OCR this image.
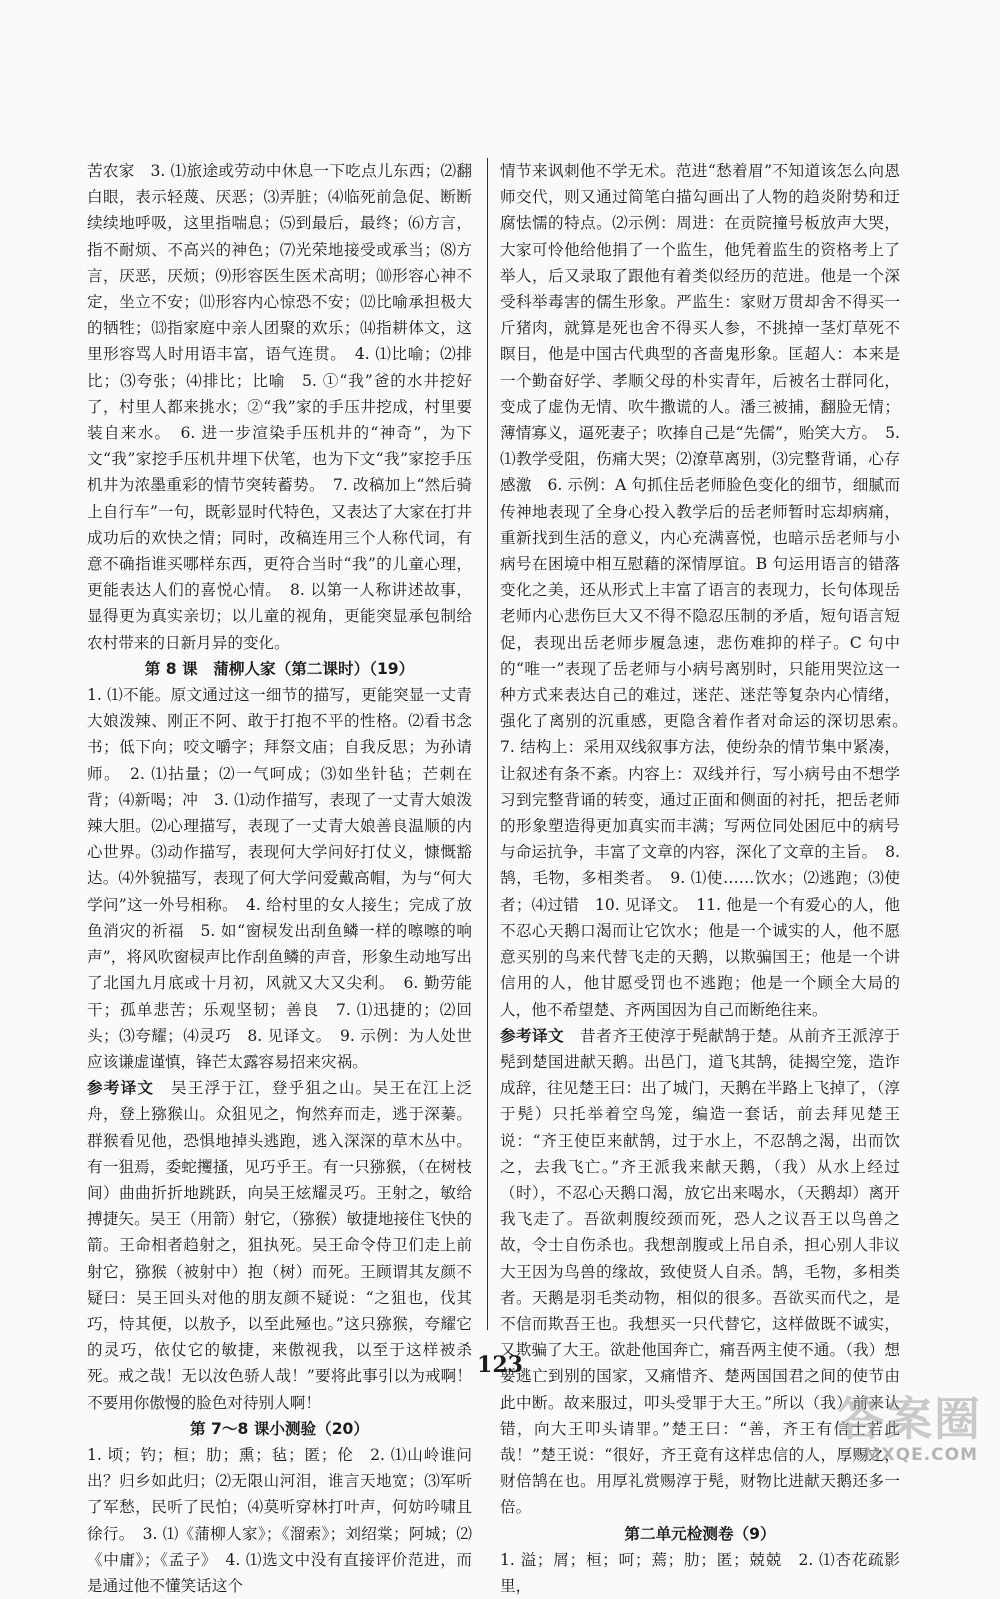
苦农家　3. ⑴旅途或劳动中休息一下吃点儿东西；⑵翻白眼，表示轻蔑、厌恶；⑶弄脏；⑷临死前急促、断断续续地呼吸，这里指喘息；⑸到最后，最终；⑹方言，指不耐烦、不高兴的神色；⑺光荣地接受或承当；⑻方言，厌恶，厌烦；⑼形容医生医术高明；⑽形容心神不定，坐立不安；⑾形容内心惊恐不安；⑿比喻承担极大的牺牲；⒀指家庭中亲人团聚的欢乐；⒁指耕体文，这里形容骂人时用语丰富，语气连贯。　4. ⑴比喻；⑵排比；⑶夸张；⑷排比；比喻　5. ①“我”爸的水井挖好了，村里人都来挑水；②“我”家的手压井挖成，村里要装自来水。　6. 进一步渲染手压机井的“神奇”，为下文“我”家挖手压机井埋下伏笔，也为下文“我”家挖手压机井为浓墨重彩的情节突转蓄势。　7. 改稿加上“然后骑上自行车”一句，既彰显时代特色，又表达了大家在打井成功后的欢快之情；同时，改稿连用三个人称代词，有意不确指谁买哪样东西，更符合当时“我”的儿童心理，更能表达人们的喜悦心情。　8. 以第一人称讲述故事，显得更为真实亲切；以儿童的视角，更能突显承包制给农村带来的日新月异的变化。

第 8 课　蒲柳人家（第二课时）（19）

1. ⑴不能。原文通过这一细节的描写，更能突显一丈青大娘泼辣、刚正不阿、敢于打抱不平的性格。⑵看书念书；低下向；咬文嚼字；拜祭文庙；自我反思；为孙请师。　2. ⑴拈量；⑵一气呵成；⑶如坐针毡；芒刺在背；⑷新喝；冲　3. ⑴动作描写，表现了一丈青大娘泼辣大胆。⑵心理描写，表现了一丈青大娘善良温顺的内心世界。⑶动作描写，表现何大学问好打仗义，慷慨豁达。⑷外貌描写，表现了何大学问爱戴高帽，为与“何大学问”这一外号相称。　4. 给村里的女人接生；完成了放鱼消灾的祈福　5. 如“窗棂发出刮鱼鳞一样的嚓嚓的响声”，将风吹窗棂声比作刮鱼鳞的声音，形象生动地写出了北国九月底或十月初，风就又大又尖利。　6. 勤劳能干；孤单悲苦；乐观坚韧；善良　7. ⑴迅捷的；⑵回头；⑶夸耀；⑷灵巧　8. 见译文。　9. 示例：为人处世应该谦虚谨慎，锋芒太露容易招来灾祸。

参考译文　 吴王浮于江，登乎狙之山。吴王在江上泛舟，登上猕猴山。众狙见之，恂然弃而走，逃于深蓁。群猴看见他，恐惧地掉头逃跑，逃入深深的草木丛中。有一狙焉，委蛇攫搔，见巧乎王。有一只猕猴，（在树枝间）曲曲折折地跳跃，向吴王炫耀灵巧。王射之，敏给搏捷矢。吴王（用箭）射它，（猕猴）敏捷地接住飞快的箭。王命相者趋射之，狙执死。吴王命令侍卫们走上前射它，猕猴（被射中）抱（树）而死。王顾谓其友颜不疑曰：吴王回头对他的朋友颜不疑说：“之狙也，伐其巧，恃其便，以敖予，以至此殛也。”这只猕猴，夸耀它的灵巧，依仗它的敏捷，来傲视我，以至于这样被杀死。戒之哉！无以汝色骄人哉！”要将此事引以为戒啊！不要用你傲慢的脸色对待别人啊！

第 7～8 课小测验（20）

1. 顷；钓；桓；肋；熏；毡；匿；伦　2. ⑴山岭谁问出？归乡如此归；⑵无限山河泪，谁言天地宽；⑶军听了军愁，民听了民怕；⑷莫听穿林打叶声，何妨吟啸且徐行。　3. ⑴《蒲柳人家》；《溜索》；刘绍棠；阿城；⑵《中庸》；《孟子》　4. ⑴选文中没有直接评价范进，而是通过他不懂笑话这个

情节来讽刺他不学无术。范进“愁着眉”不知道该怎么向恩师交代，则又通过简笔白描勾画出了人物的趋炎附势和迂腐怯懦的特点。⑵示例：周进：在贡院撞号板放声大哭，大家可怜他给他捐了一个监生，他凭着监生的资格考上了举人，后又录取了跟他有着类似经历的范进。他是一个深受科举毒害的儒生形象。严监生：家财万贯却舍不得买一斤猪肉，就算是死也舍不得买人参，不挑掉一茎灯草死不瞑目，他是中国古代典型的吝啬鬼形象。匡超人：本来是一个勤奋好学、孝顺父母的朴实青年，后被名士群同化，变成了虚伪无情、吹牛撒谎的人。潘三被捕，翻脸无情；薄情寡义，逼死妻子；吹捧自己是“先儒”，贻笑大方。　5. ⑴教学受阻，伤痛大哭；⑵潦草离别，⑶完整背诵，心存感激　6. 示例：A 句抓住岳老师脸色变化的细节，细腻而传神地表现了全身心投入教学后的岳老师暂时忘却病痛，重新找到生活的意义，内心充满喜悦，也暗示岳老师与小病号在困境中相互慰藉的深情厚谊。B 句运用语言的错落变化之美，还从形式上丰富了语言的表现力，长句体现岳老师内心悲伤巨大又不得不隐忍压制的矛盾，短句语言短促，表现出岳老师步履急速，悲伤难抑的样子。C 句中的“唯一”表现了岳老师与小病号离别时，只能用哭泣这一种方式来表达自己的难过，迷茫、迷茫等复杂内心情绪，强化了离别的沉重感，更隐含着作者对命运的深切思索。　7. 结构上：采用双线叙事方法，使纷杂的情节集中紧凑，让叙述有条不紊。内容上：双线并行，写小病号由不想学习到完整背诵的转变，通过正面和侧面的衬托，把岳老师的形象塑造得更加真实而丰满；写两位同处困厄中的病号与命运抗争，丰富了文章的内容，深化了文章的主旨。　8. 鹄，毛物，多相类者。　9. ⑴使……饮水；⑵逃跑；⑶使者；⑷过错　10. 见译文。　11. 他是一个有爱心的人，他不忍心天鹅口渴而让它饮水；他是一个诚实的人，他不愿意买别的鸟来代替飞走的天鹅，以欺骗国王；他是一个讲信用的人，他甘愿受罚也不逃跑；他是一个顾全大局的人，他不希望楚、齐两国因为自己而断绝往来。

参考译文　 昔者齐王使淳于髡献鹄于楚。从前齐王派淳于髡到楚国进献天鹅。出邑门，道飞其鹄，徒揭空笼，造诈成辞，往见楚王曰：出了城门，天鹅在半路上飞掉了，（淳于髡）只托举着空鸟笼，编造一套话，前去拜见楚王说：“齐王使臣来献鹄，过于水上，不忍鹄之渴，出而饮之，去我飞亡。”齐王派我来献天鹅，（我）从水上经过（时），不忍心天鹅口渴，放它出来喝水，（天鹅却）离开我飞走了。吾欲刺腹绞颈而死，恐人之议吾王以鸟兽之故，令士自伤杀也。我想剖腹或上吊自杀，担心别人非议大王因为鸟兽的缘故，致使贤人自杀。鹄，毛物，多相类者。天鹅是羽毛类动物，相似的很多。吾欲买而代之，是不信而欺吾王也。我想买一只代替它，这样做既不诚实，又欺骗了大王。欲赴他国奔亡，痛吾两主使不通。（我）想要逃亡到别的国家，又痛惜齐、楚两国国君之间的使节由此中断。故来服过，叩头受罪于大王。”所以（我）前来认错，向大王叩头请罪。”楚王曰：“善，齐王有信士若此哉！”楚王说：“很好，齐王竟有这样忠信的人，厚赐之，财倍鹄在也。用厚礼赏赐淳于髡，财物比进献天鹅还多一倍。

第二单元检测卷（9）

1. 溢；屑；桓；呵；蔫；肋；匿；兢兢　2. ⑴杏花疏影里，

123
答案圈
MXQE.COM
